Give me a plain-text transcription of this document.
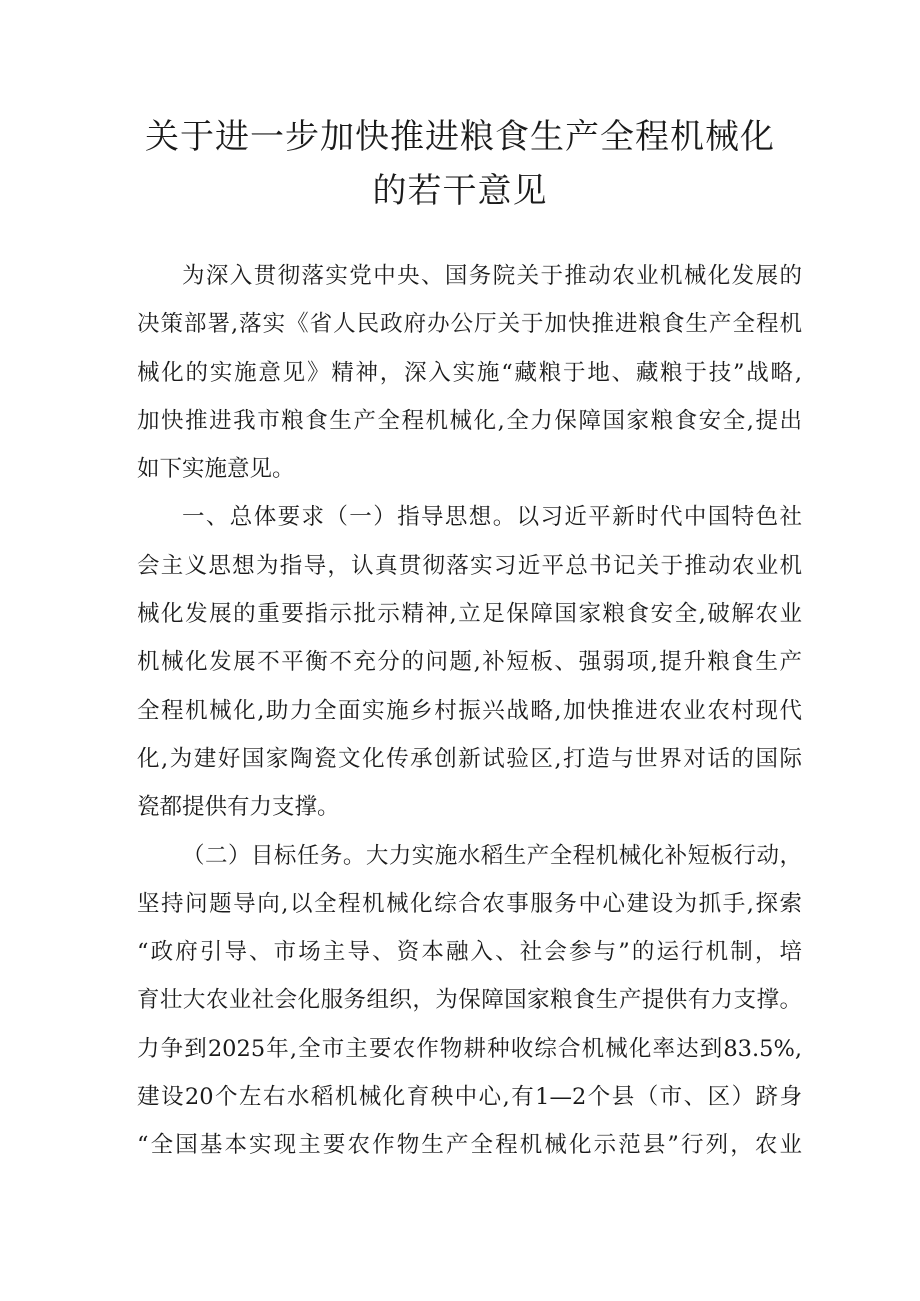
关于进一步加快推进粮食生产全程机械化
的若干意见
为深入贯彻落实党中央、国务院关于推动农业机械化发展的
决策部署,落实《省人民政府办公厅关于加快推进粮食生产全程机
械化的实施意见》精神，深入实施“藏粮于地、藏粮于技”战略,
加快推进我市粮食生产全程机械化,全力保障国家粮食安全,提出
如下实施意见。
一、总体要求（一）指导思想。以习近平新时代中国特色社
会主义思想为指导，认真贯彻落实习近平总书记关于推动农业机
械化发展的重要指示批示精神,立足保障国家粮食安全,破解农业
机械化发展不平衡不充分的问题,补短板、强弱项,提升粮食生产
全程机械化,助力全面实施乡村振兴战略,加快推进农业农村现代
化,为建好国家陶瓷文化传承创新试验区,打造与世界对话的国际
瓷都提供有力支撑。
（二）目标任务。大力实施水稻生产全程机械化补短板行动，
坚持问题导向,以全程机械化综合农事服务中心建设为抓手,探索
“政府引导、市场主导、资本融入、社会参与”的运行机制，培
育壮大农业社会化服务组织，为保障国家粮食生产提供有力支撑。
力争到2025年,全市主要农作物耕种收综合机械化率达到83.5%,
建设20个左右水稻机械化育秧中心,有1—2个县（市、区）跻身
“全国基本实现主要农作物生产全程机械化示范县”行列，农业
